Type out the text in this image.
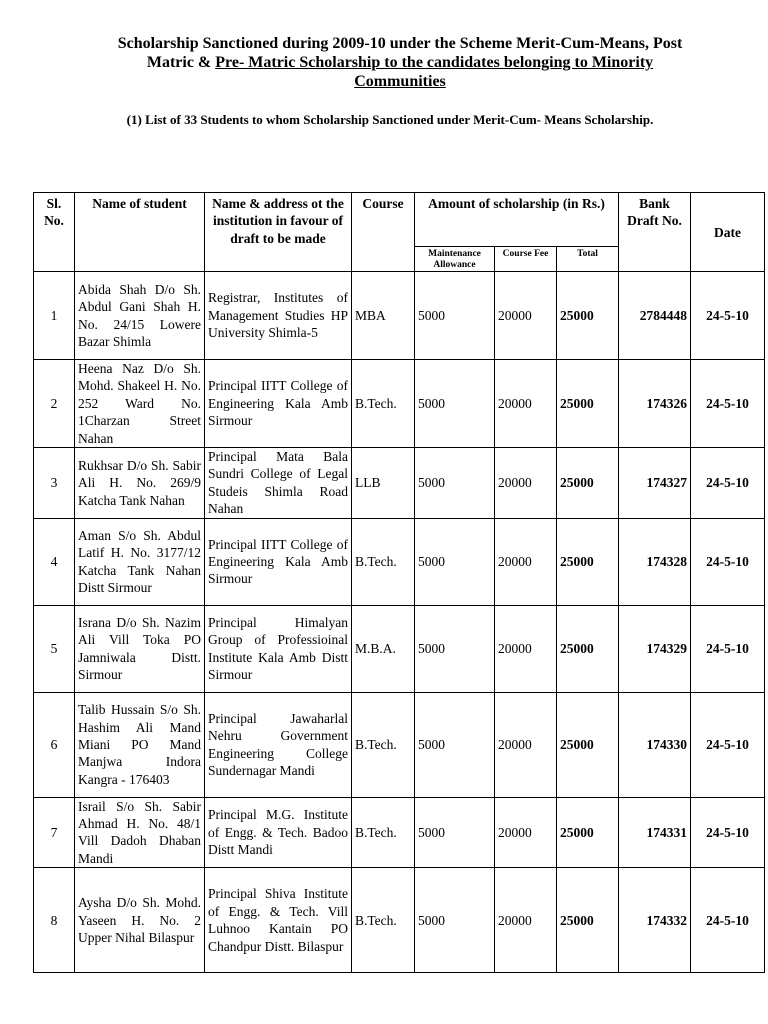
Scholarship Sanctioned during 2009-10 under the Scheme Merit-Cum-Means, Post
Matric & Pre- Matric Scholarship to the candidates belonging to Minority
Communities
(1) List of 33 Students to whom Scholarship Sanctioned under Merit-Cum- Means Scholarship.
Sl. No.	Name of student	Name & address ot the institution in favour of draft to be made	Course	Amount of scholarship (in Rs.)			Bank Draft No.	Date
				Maintenance Allowance	Course Fee	Total		
1	Abida Shah D/o Sh. Abdul Gani Shah H. No. 24/15 Lowere Bazar Shimla	Registrar, Institutes of Management Studies HP University Shimla-5	MBA	5000	20000	25000	2784448	24-5-10
2	Heena Naz D/o Sh. Mohd. Shakeel H. No. 252 Ward No. 1Charzan Street Nahan	Principal IITT College of Engineering Kala Amb Sirmour	B.Tech.	5000	20000	25000	174326	24-5-10
3	Rukhsar D/o Sh. Sabir Ali H. No. 269/9 Katcha Tank Nahan	Principal Mata Bala Sundri College of Legal Studeis Shimla Road Nahan	LLB	5000	20000	25000	174327	24-5-10
4	Aman S/o Sh. Abdul Latif H. No. 3177/12 Katcha Tank Nahan Distt Sirmour	Principal IITT College of Engineering Kala Amb Sirmour	B.Tech.	5000	20000	25000	174328	24-5-10
5	Israna D/o Sh. Nazim Ali Vill Toka PO Jamniwala Distt. Sirmour	Principal Himalyan Group of Professioinal Institute Kala Amb Distt Sirmour	M.B.A.	5000	20000	25000	174329	24-5-10
6	Talib Hussain S/o Sh. Hashim Ali Mand Miani PO Mand Manjwa Indora Kangra - 176403	Principal Jawaharlal Nehru Government Engineering College Sundernagar Mandi	B.Tech.	5000	20000	25000	174330	24-5-10
7	Israil S/o Sh. Sabir Ahmad H. No. 48/1 Vill Dadoh Dhaban Mandi	Principal M.G. Institute of Engg. & Tech. Badoo Distt Mandi	B.Tech.	5000	20000	25000	174331	24-5-10
8	Aysha D/o Sh. Mohd. Yaseen H. No. 2 Upper Nihal Bilaspur	Principal Shiva Institute of Engg. & Tech. Vill Luhnoo Kantain PO Chandpur Distt. Bilaspur	B.Tech.	5000	20000	25000	174332	24-5-10
